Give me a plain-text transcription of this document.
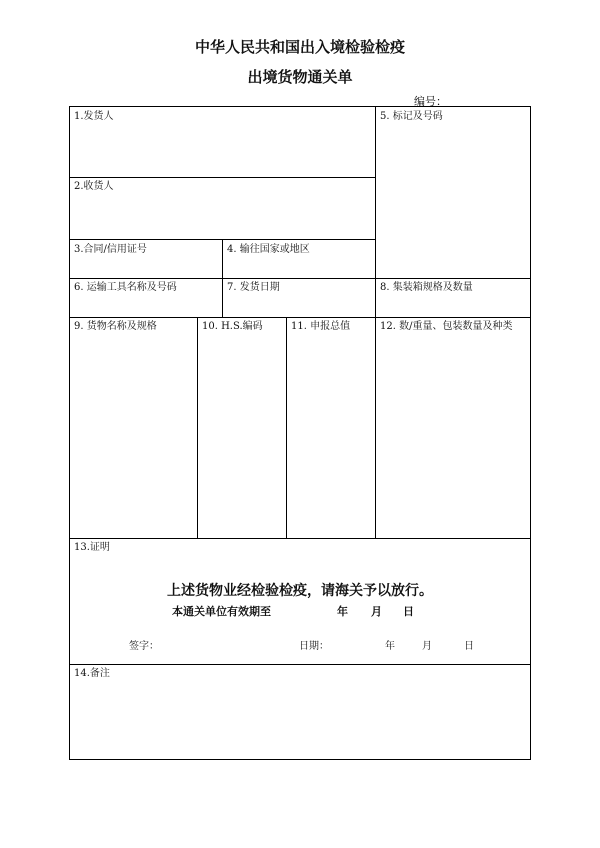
中华人民共和国出入境检验检疫
出境货物通关单
编号：
1.发货人	5. 标记及号码
2.收货人
3.合同/信用证号	4. 输往国家或地区
6. 运输工具名称及号码	7. 发货日期	8. 集装箱规格及数量
9. 货物名称及规格	10. H.S.编码	11. 申报总值	12. 数/重量、包装数量及种类
13.证明
14.备注
上述货物业经检验检疫，请海关予以放行。
本通关单位有效期至	年 月 日
签字：	日期：	年	月	日
